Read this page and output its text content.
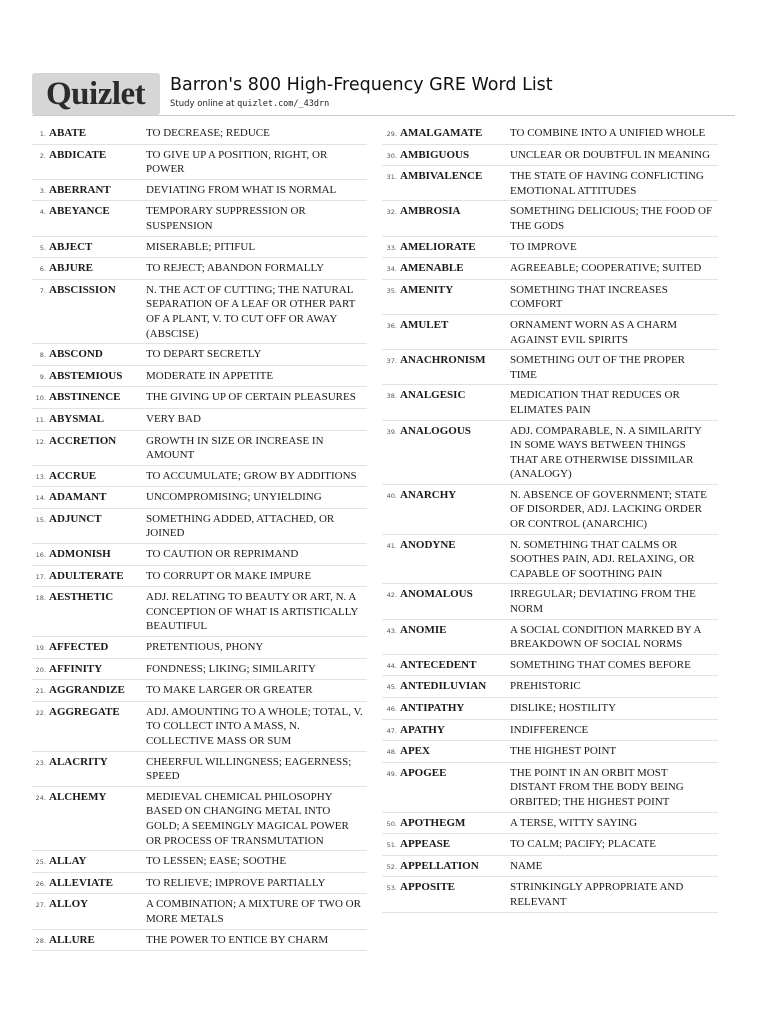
Quizlet Barron's 800 High-Frequency GRE Word List
Study online at quizlet.com/_43drn
1. ABATE	TO DECREASE; REDUCE
2. ABDICATE	TO GIVE UP A POSITION, RIGHT, OR POWER
3. ABERRANT	DEVIATING FROM WHAT IS NORMAL
4. ABEYANCE	TEMPORARY SUPPRESSION OR SUSPENSION
5. ABJECT	MISERABLE; PITIFUL
6. ABJURE	TO REJECT; ABANDON FORMALLY
7. ABSCISSION	N. THE ACT OF CUTTING; THE NATURAL SEPARATION OF A LEAF OR OTHER PART OF A PLANT, V. TO CUT OFF OR AWAY (ABSCISE)
8. ABSCOND	TO DEPART SECRETLY
9. ABSTEMIOUS	MODERATE IN APPETITE
10. ABSTINENCE	THE GIVING UP OF CERTAIN PLEASURES
11. ABYSMAL	VERY BAD
12. ACCRETION	GROWTH IN SIZE OR INCREASE IN AMOUNT
13. ACCRUE	TO ACCUMULATE; GROW BY ADDITIONS
14. ADAMANT	UNCOMPROMISING; UNYIELDING
15. ADJUNCT	SOMETHING ADDED, ATTACHED, OR JOINED
16. ADMONISH	TO CAUTION OR REPRIMAND
17. ADULTERATE	TO CORRUPT OR MAKE IMPURE
18. AESTHETIC	ADJ. RELATING TO BEAUTY OR ART, N. A CONCEPTION OF WHAT IS ARTISTICALLY BEAUTIFUL
19. AFFECTED	PRETENTIOUS, PHONY
20. AFFINITY	FONDNESS; LIKING; SIMILARITY
21. AGGRANDIZE	TO MAKE LARGER OR GREATER
22. AGGREGATE	ADJ. AMOUNTING TO A WHOLE; TOTAL, V. TO COLLECT INTO A MASS, N. COLLECTIVE MASS OR SUM
23. ALACRITY	CHEERFUL WILLINGNESS; EAGERNESS; SPEED
24. ALCHEMY	MEDIEVAL CHEMICAL PHILOSOPHY BASED ON CHANGING METAL INTO GOLD; A SEEMINGLY MAGICAL POWER OR PROCESS OF TRANSMUTATION
25. ALLAY	TO LESSEN; EASE; SOOTHE
26. ALLEVIATE	TO RELIEVE; IMPROVE PARTIALLY
27. ALLOY	A COMBINATION; A MIXTURE OF TWO OR MORE METALS
28. ALLURE	THE POWER TO ENTICE BY CHARM
29. AMALGAMATE	TO COMBINE INTO A UNIFIED WHOLE
30. AMBIGUOUS	UNCLEAR OR DOUBTFUL IN MEANING
31. AMBIVALENCE	THE STATE OF HAVING CONFLICTING EMOTIONAL ATTITUDES
32. AMBROSIA	SOMETHING DELICIOUS; THE FOOD OF THE GODS
33. AMELIORATE	TO IMPROVE
34. AMENABLE	AGREEABLE; COOPERATIVE; SUITED
35. AMENITY	SOMETHING THAT INCREASES COMFORT
36. AMULET	ORNAMENT WORN AS A CHARM AGAINST EVIL SPIRITS
37. ANACHRONISM	SOMETHING OUT OF THE PROPER TIME
38. ANALGESIC	MEDICATION THAT REDUCES OR ELIMATES PAIN
39. ANALOGOUS	ADJ. COMPARABLE, N. A SIMILARITY IN SOME WAYS BETWEEN THINGS THAT ARE OTHERWISE DISSIMILAR (ANALOGY)
40. ANARCHY	N. ABSENCE OF GOVERNMENT; STATE OF DISORDER, ADJ. LACKING ORDER OR CONTROL (ANARCHIC)
41. ANODYNE	N. SOMETHING THAT CALMS OR SOOTHES PAIN, ADJ. RELAXING, OR CAPABLE OF SOOTHING PAIN
42. ANOMALOUS	IRREGULAR; DEVIATING FROM THE NORM
43. ANOMIE	A SOCIAL CONDITION MARKED BY A BREAKDOWN OF SOCIAL NORMS
44. ANTECEDENT	SOMETHING THAT COMES BEFORE
45. ANTEDILUVIAN	PREHISTORIC
46. ANTIPATHY	DISLIKE; HOSTILITY
47. APATHY	INDIFFERENCE
48. APEX	THE HIGHEST POINT
49. APOGEE	THE POINT IN AN ORBIT MOST DISTANT FROM THE BODY BEING ORBITED; THE HIGHEST POINT
50. APOTHEGM	A TERSE, WITTY SAYING
51. APPEASE	TO CALM; PACIFY; PLACATE
52. APPELLATION	NAME
53. APPOSITE	STRINKINGLY APPROPRIATE AND RELEVANT
